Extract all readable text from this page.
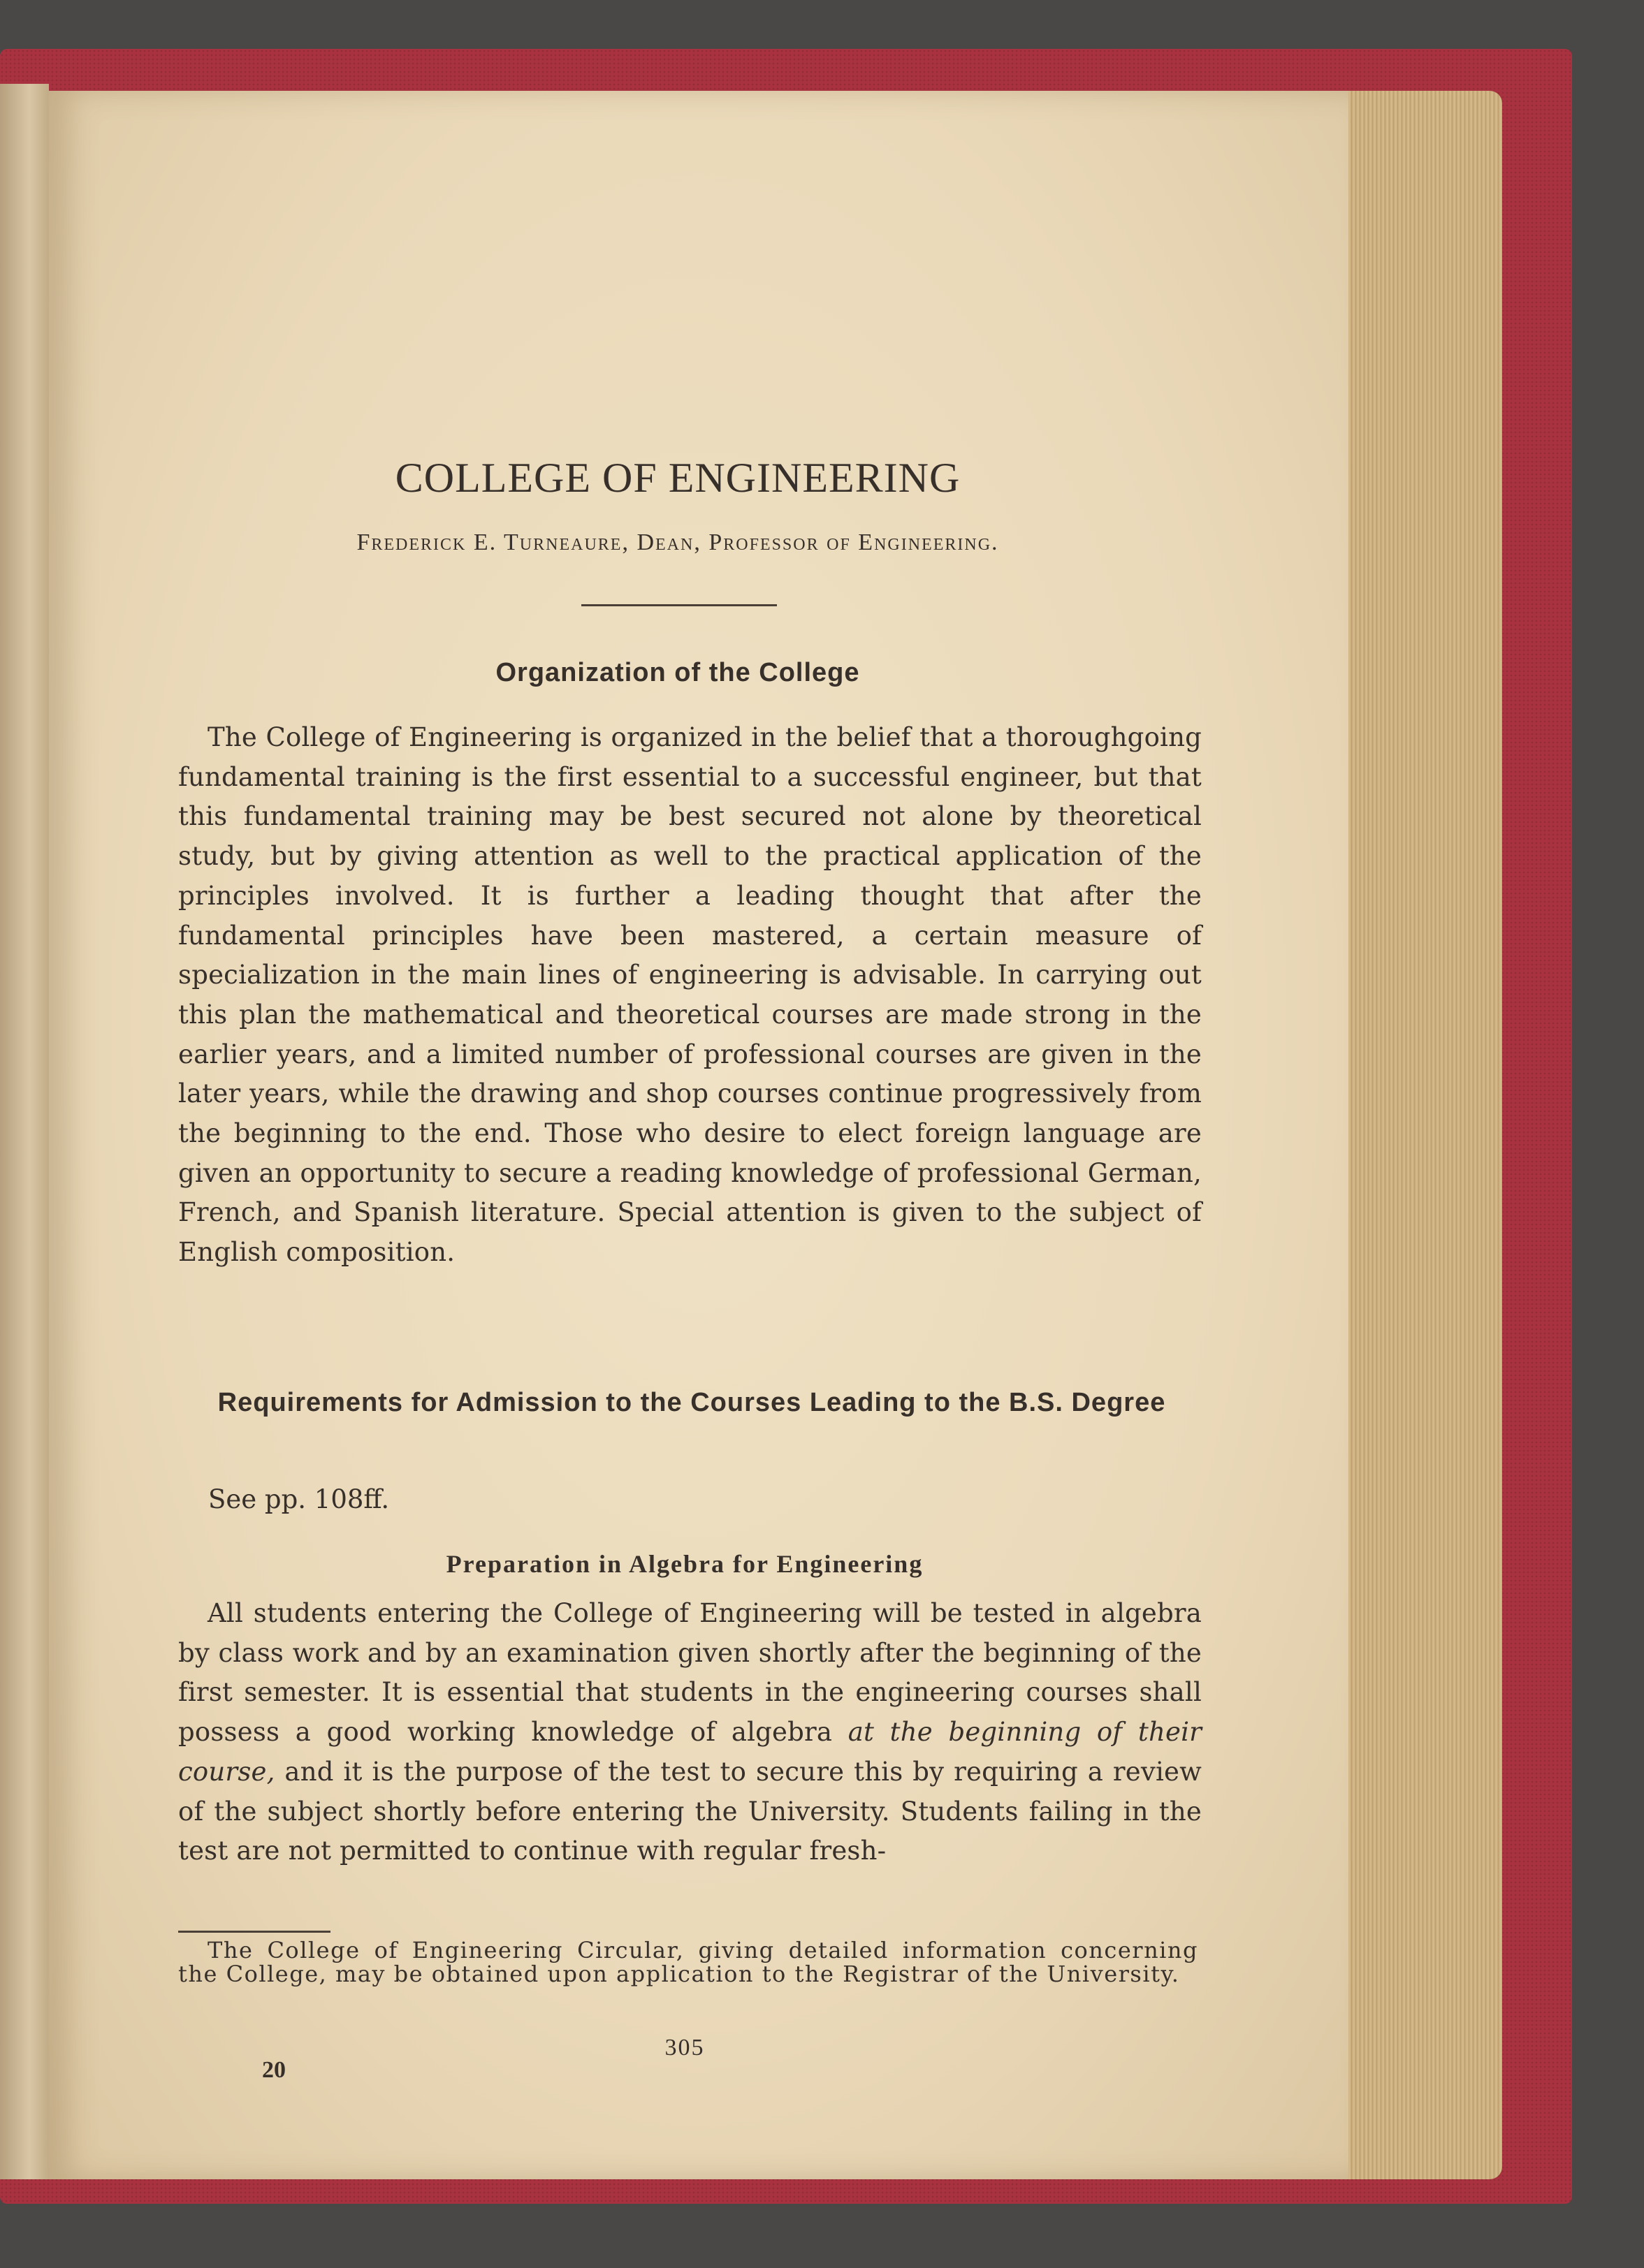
COLLEGE OF ENGINEERING
Frederick E. Turneaure, Dean, Professor of Engineering.
Organization of the College
The College of Engineering is organized in the belief that a thoroughgoing fundamental training is the first essential to a successful engineer, but that this fundamental training may be best secured not alone by theoretical study, but by giving attention as well to the practical application of the principles involved. It is further a leading thought that after the fundamental principles have been mastered, a certain measure of specialization in the main lines of engineering is advisable. In carrying out this plan the mathematical and theoretical courses are made strong in the earlier years, and a limited number of professional courses are given in the later years, while the drawing and shop courses continue progressively from the beginning to the end. Those who desire to elect foreign language are given an opportunity to secure a reading knowledge of professional German, French, and Spanish literature. Special attention is given to the subject of English composition.
Requirements for Admission to the Courses Leading to the B.S. Degree
See pp. 108ff.
Preparation in Algebra for Engineering
All students entering the College of Engineering will be tested in algebra by class work and by an examination given shortly after the beginning of the first semester. It is essential that students in the engineering courses shall possess a good working knowledge of algebra at the beginning of their course, and it is the purpose of the test to secure this by requiring a review of the subject shortly before entering the University. Students failing in the test are not permitted to continue with regular fresh-
The College of Engineering Circular, giving detailed information concerning the College, may be obtained upon application to the Registrar of the University.
305
20
